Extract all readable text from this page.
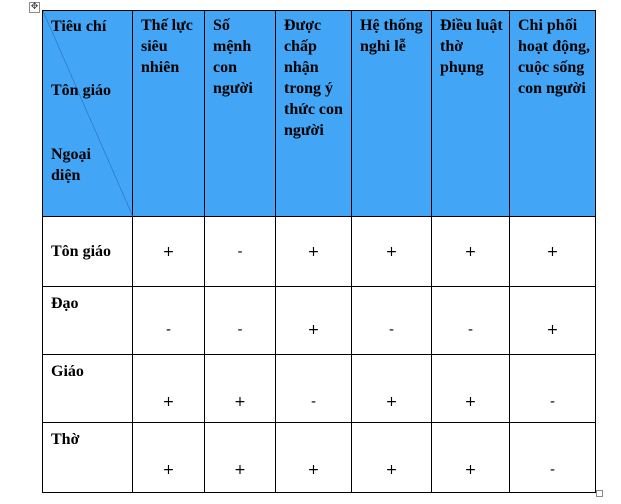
✥
Tiêu chí
Tôn giáo
Ngoại diện	Thế lực siêu nhiên	Số mệnh con người	Được chấp nhận trong ý thức con người	Hệ thống nghi lễ	Điều luật thờ phụng	Chi phối hoạt động, cuộc sống con người
Tôn giáo	+	-	+	+	+	+
Đạo	-	-	+	-	-	+
Giáo	+	+	-	+	+	-
Thờ	+	+	+	+	+	-
